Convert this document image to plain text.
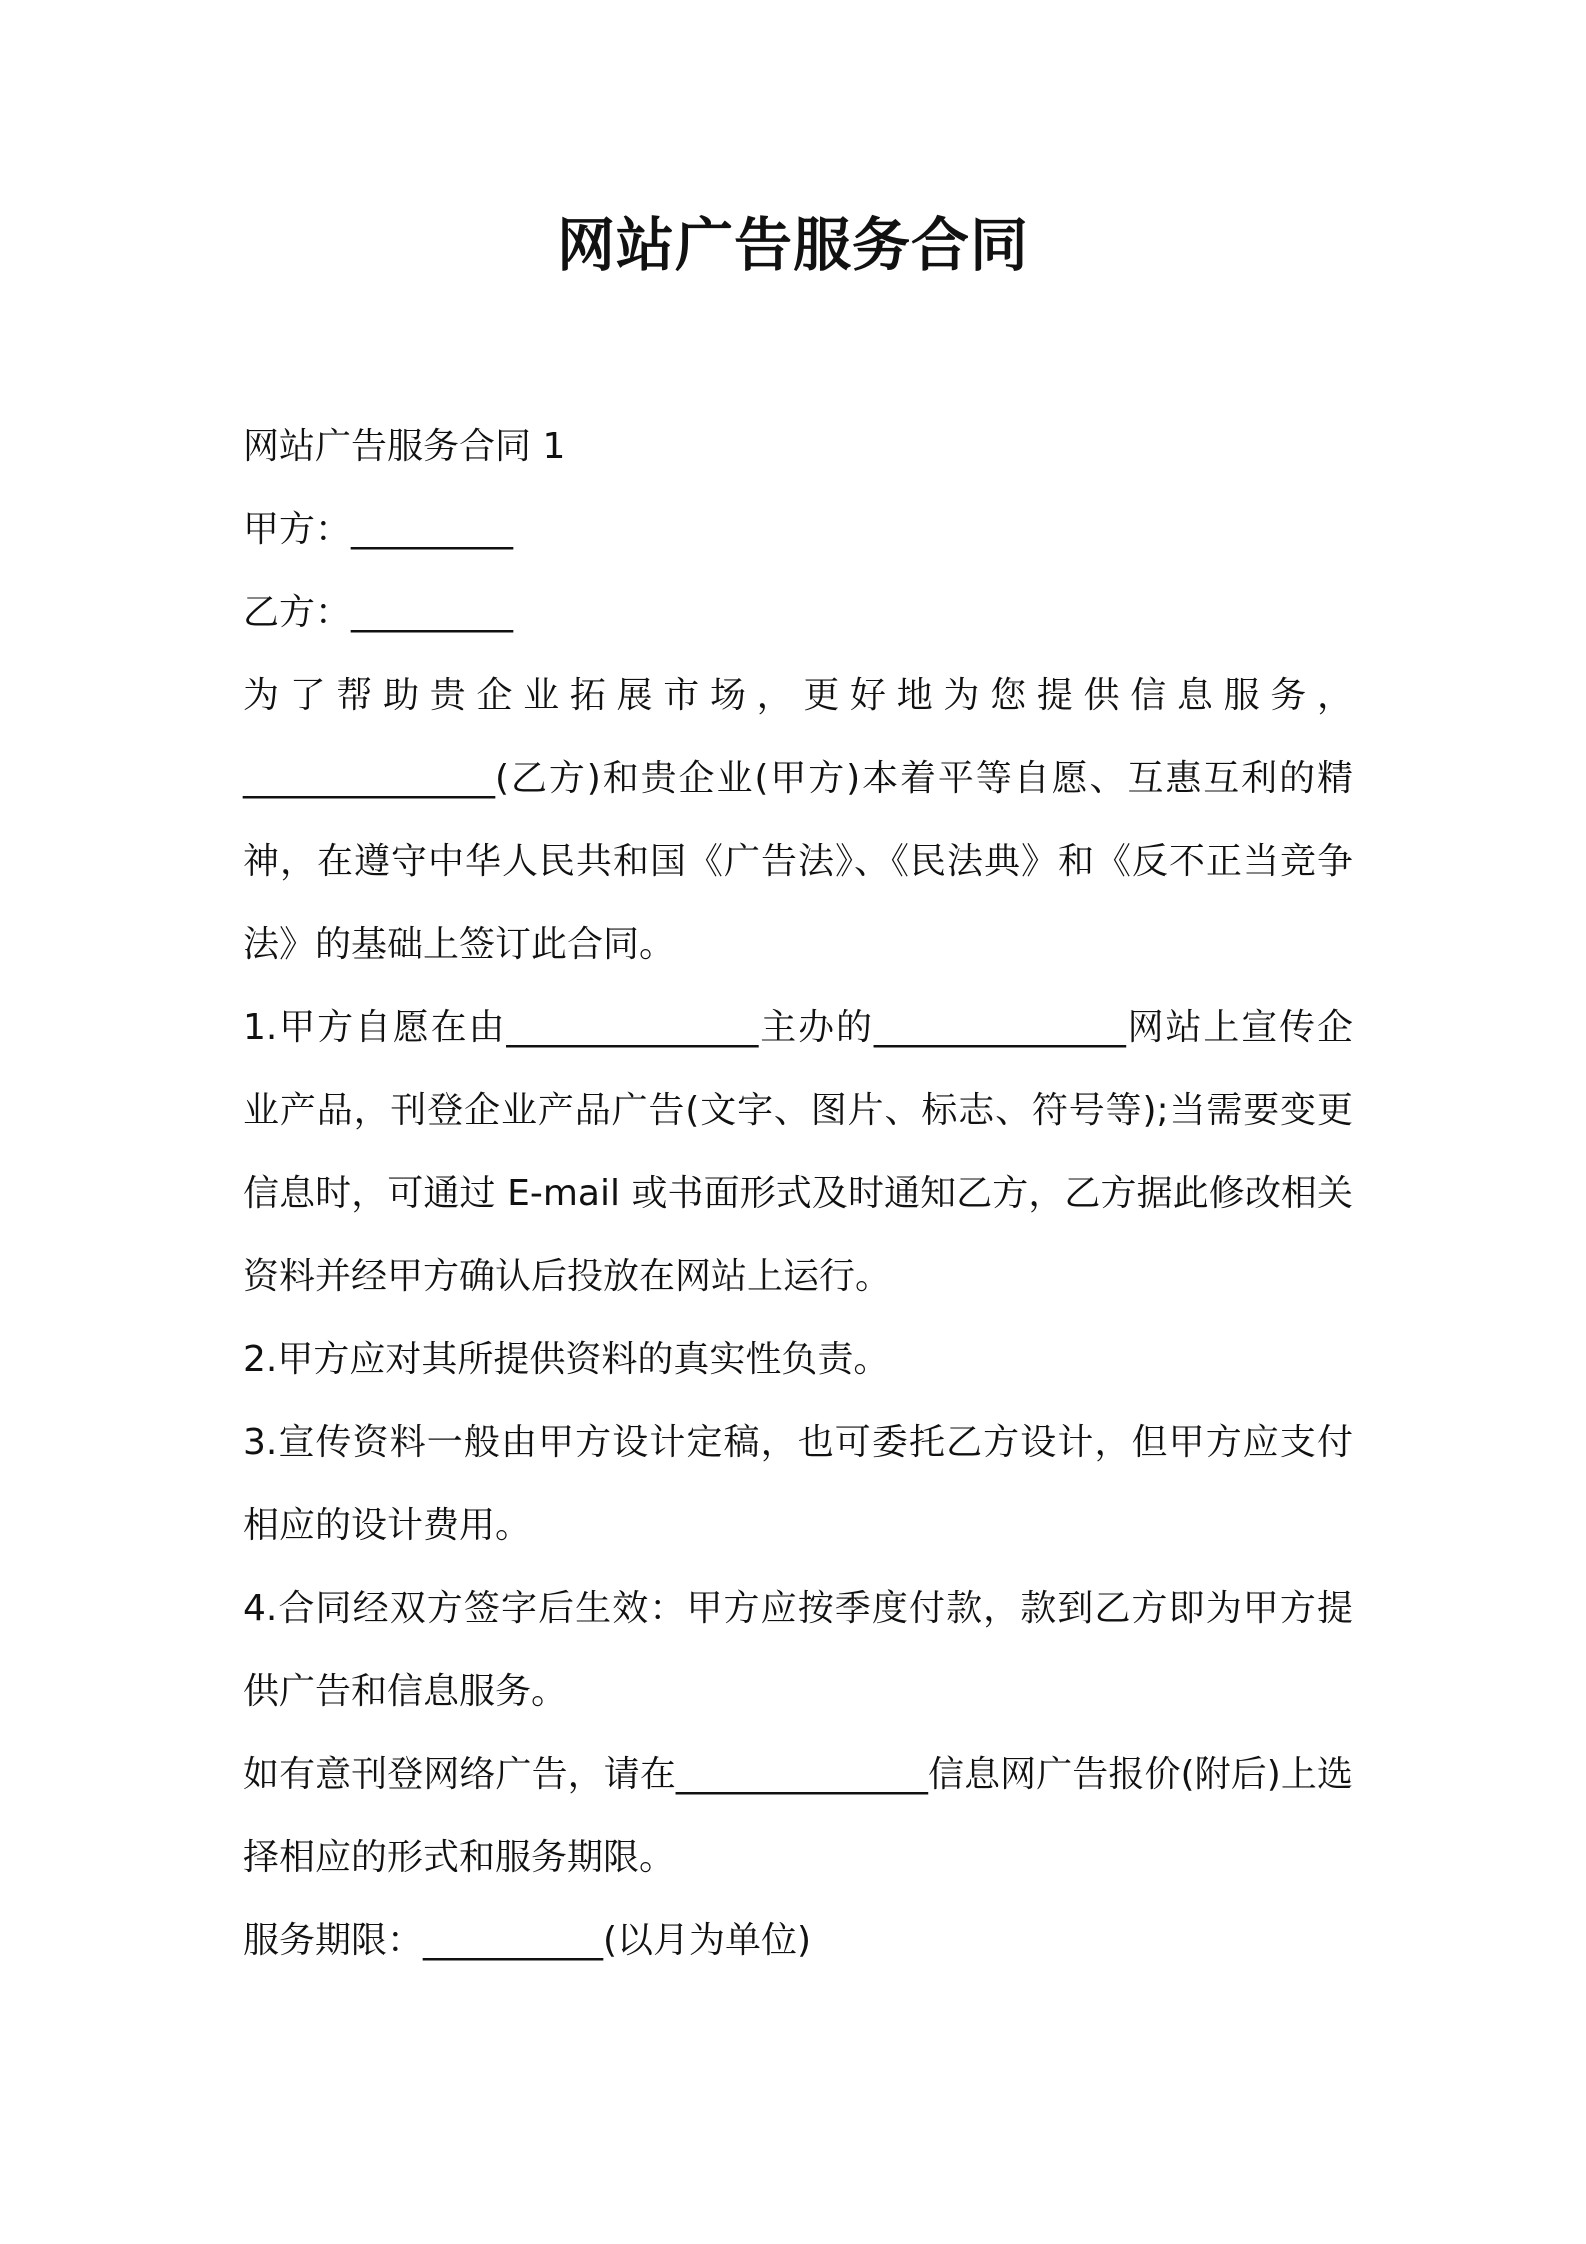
网站广告服务合同

网站广告服务合同 1

甲方：_________

乙方：_________

为了帮助贵企业拓展市场，更好地为您提供信息服务，______________(乙方)和贵企业(甲方)本着平等自愿、互惠互利的精神，在遵守中华人民共和国《广告法》、《民法典》和《反不正当竞争法》的基础上签订此合同。

1.甲方自愿在由______________主办的______________网站上宣传企业产品，刊登企业产品广告(文字、图片、标志、符号等);当需要变更信息时，可通过 E-mail 或书面形式及时通知乙方，乙方据此修改相关资料并经甲方确认后投放在网站上运行。

2.甲方应对其所提供资料的真实性负责。

3.宣传资料一般由甲方设计定稿，也可委托乙方设计，但甲方应支付相应的设计费用。

4.合同经双方签字后生效：甲方应按季度付款，款到乙方即为甲方提供广告和信息服务。

如有意刊登网络广告，请在______________信息网广告报价(附后)上选择相应的形式和服务期限。

服务期限：__________(以月为单位)
